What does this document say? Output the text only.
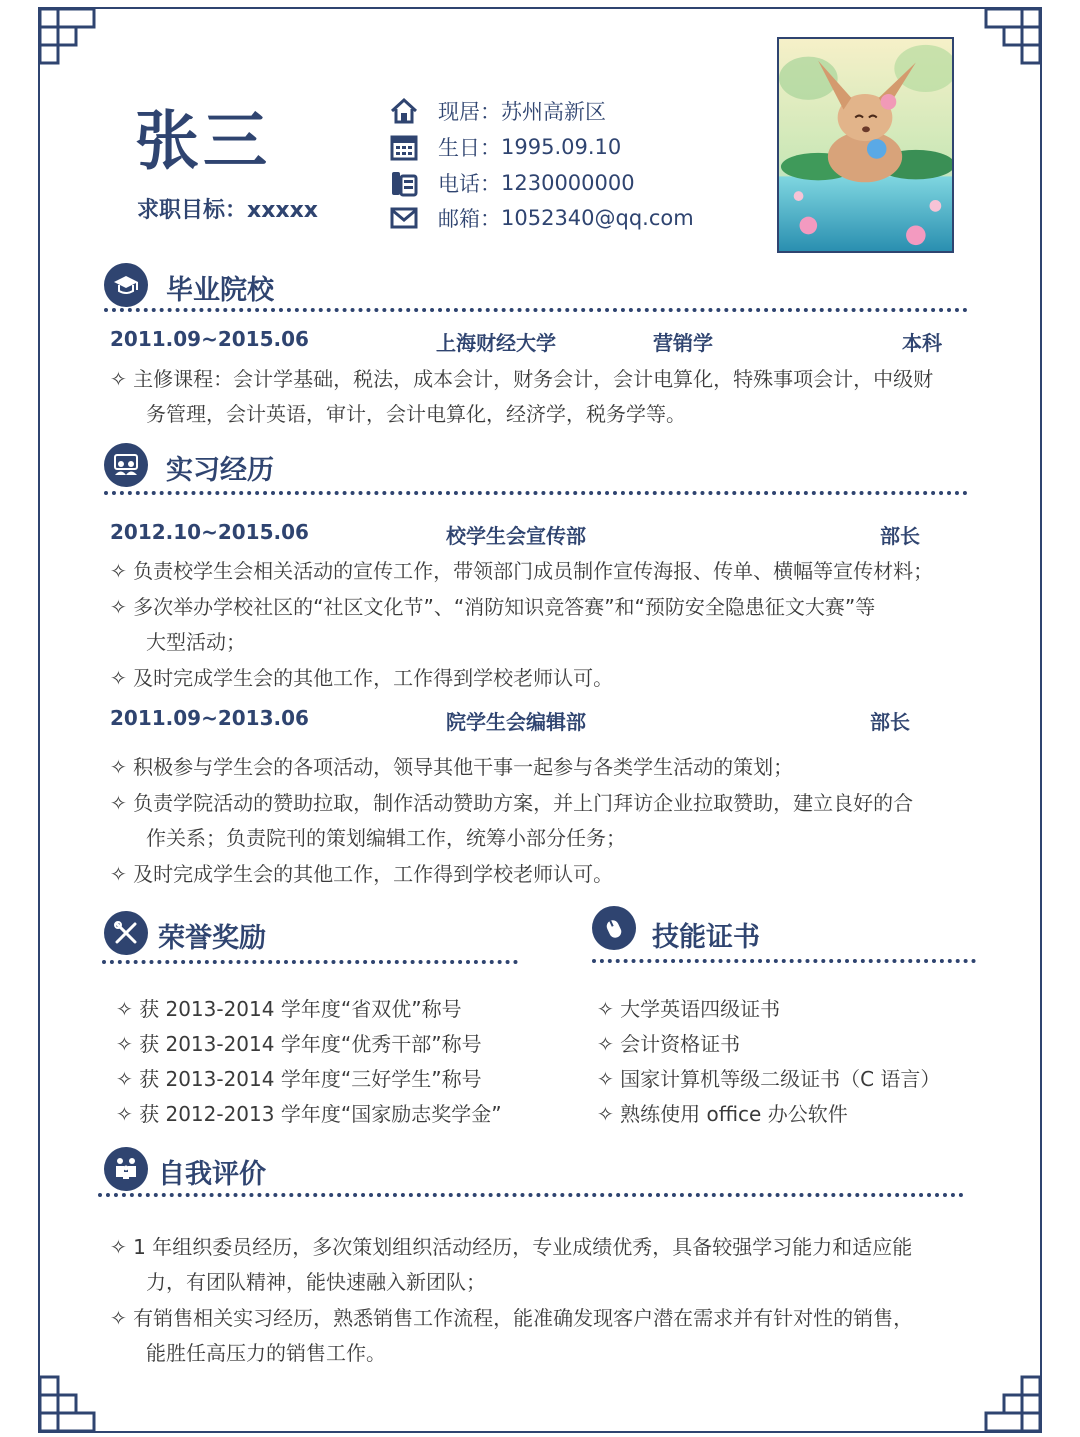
张三
求职目标：xxxxx
现居： 苏州高新区
生日： 1995.09.10
电话： 1230000000
邮箱： 1052340@qq.com
毕业院校
2011.09~2015.06	上海财经大学	营销学	本科
✧ 主修课程：会计学基础，税法，成本会计，财务会计，会计电算化，特殊事项会计，中级财
务管理，会计英语，审计，会计电算化，经济学，税务学等。
实习经历
2012.10~2015.06	校学生会宣传部	部长
✧ 负责校学生会相关活动的宣传工作，带领部门成员制作宣传海报、传单、横幅等宣传材料；
✧ 多次举办学校社区的“社区文化节”、“消防知识竞答赛”和“预防安全隐患征文大赛”等
大型活动；
✧ 及时完成学生会的其他工作，工作得到学校老师认可。
2011.09~2013.06	院学生会编辑部	部长
✧ 积极参与学生会的各项活动，领导其他干事一起参与各类学生活动的策划；
✧ 负责学院活动的赞助拉取，制作活动赞助方案，并上门拜访企业拉取赞助，建立良好的合
作关系；负责院刊的策划编辑工作，统筹小部分任务；
✧ 及时完成学生会的其他工作，工作得到学校老师认可。
荣誉奖励
✧ 获 2013-2014 学年度“省双优”称号
✧ 获 2013-2014 学年度“优秀干部”称号
✧ 获 2013-2014 学年度“三好学生”称号
✧ 获 2012-2013 学年度“国家励志奖学金”
技能证书
✧ 大学英语四级证书
✧ 会计资格证书
✧ 国家计算机等级二级证书（C 语言）
✧ 熟练使用 office 办公软件
自我评价
✧ 1 年组织委员经历，多次策划组织活动经历，专业成绩优秀，具备较强学习能力和适应能
力，有团队精神，能快速融入新团队；
✧ 有销售相关实习经历，熟悉销售工作流程，能准确发现客户潜在需求并有针对性的销售，
能胜任高压力的销售工作。
